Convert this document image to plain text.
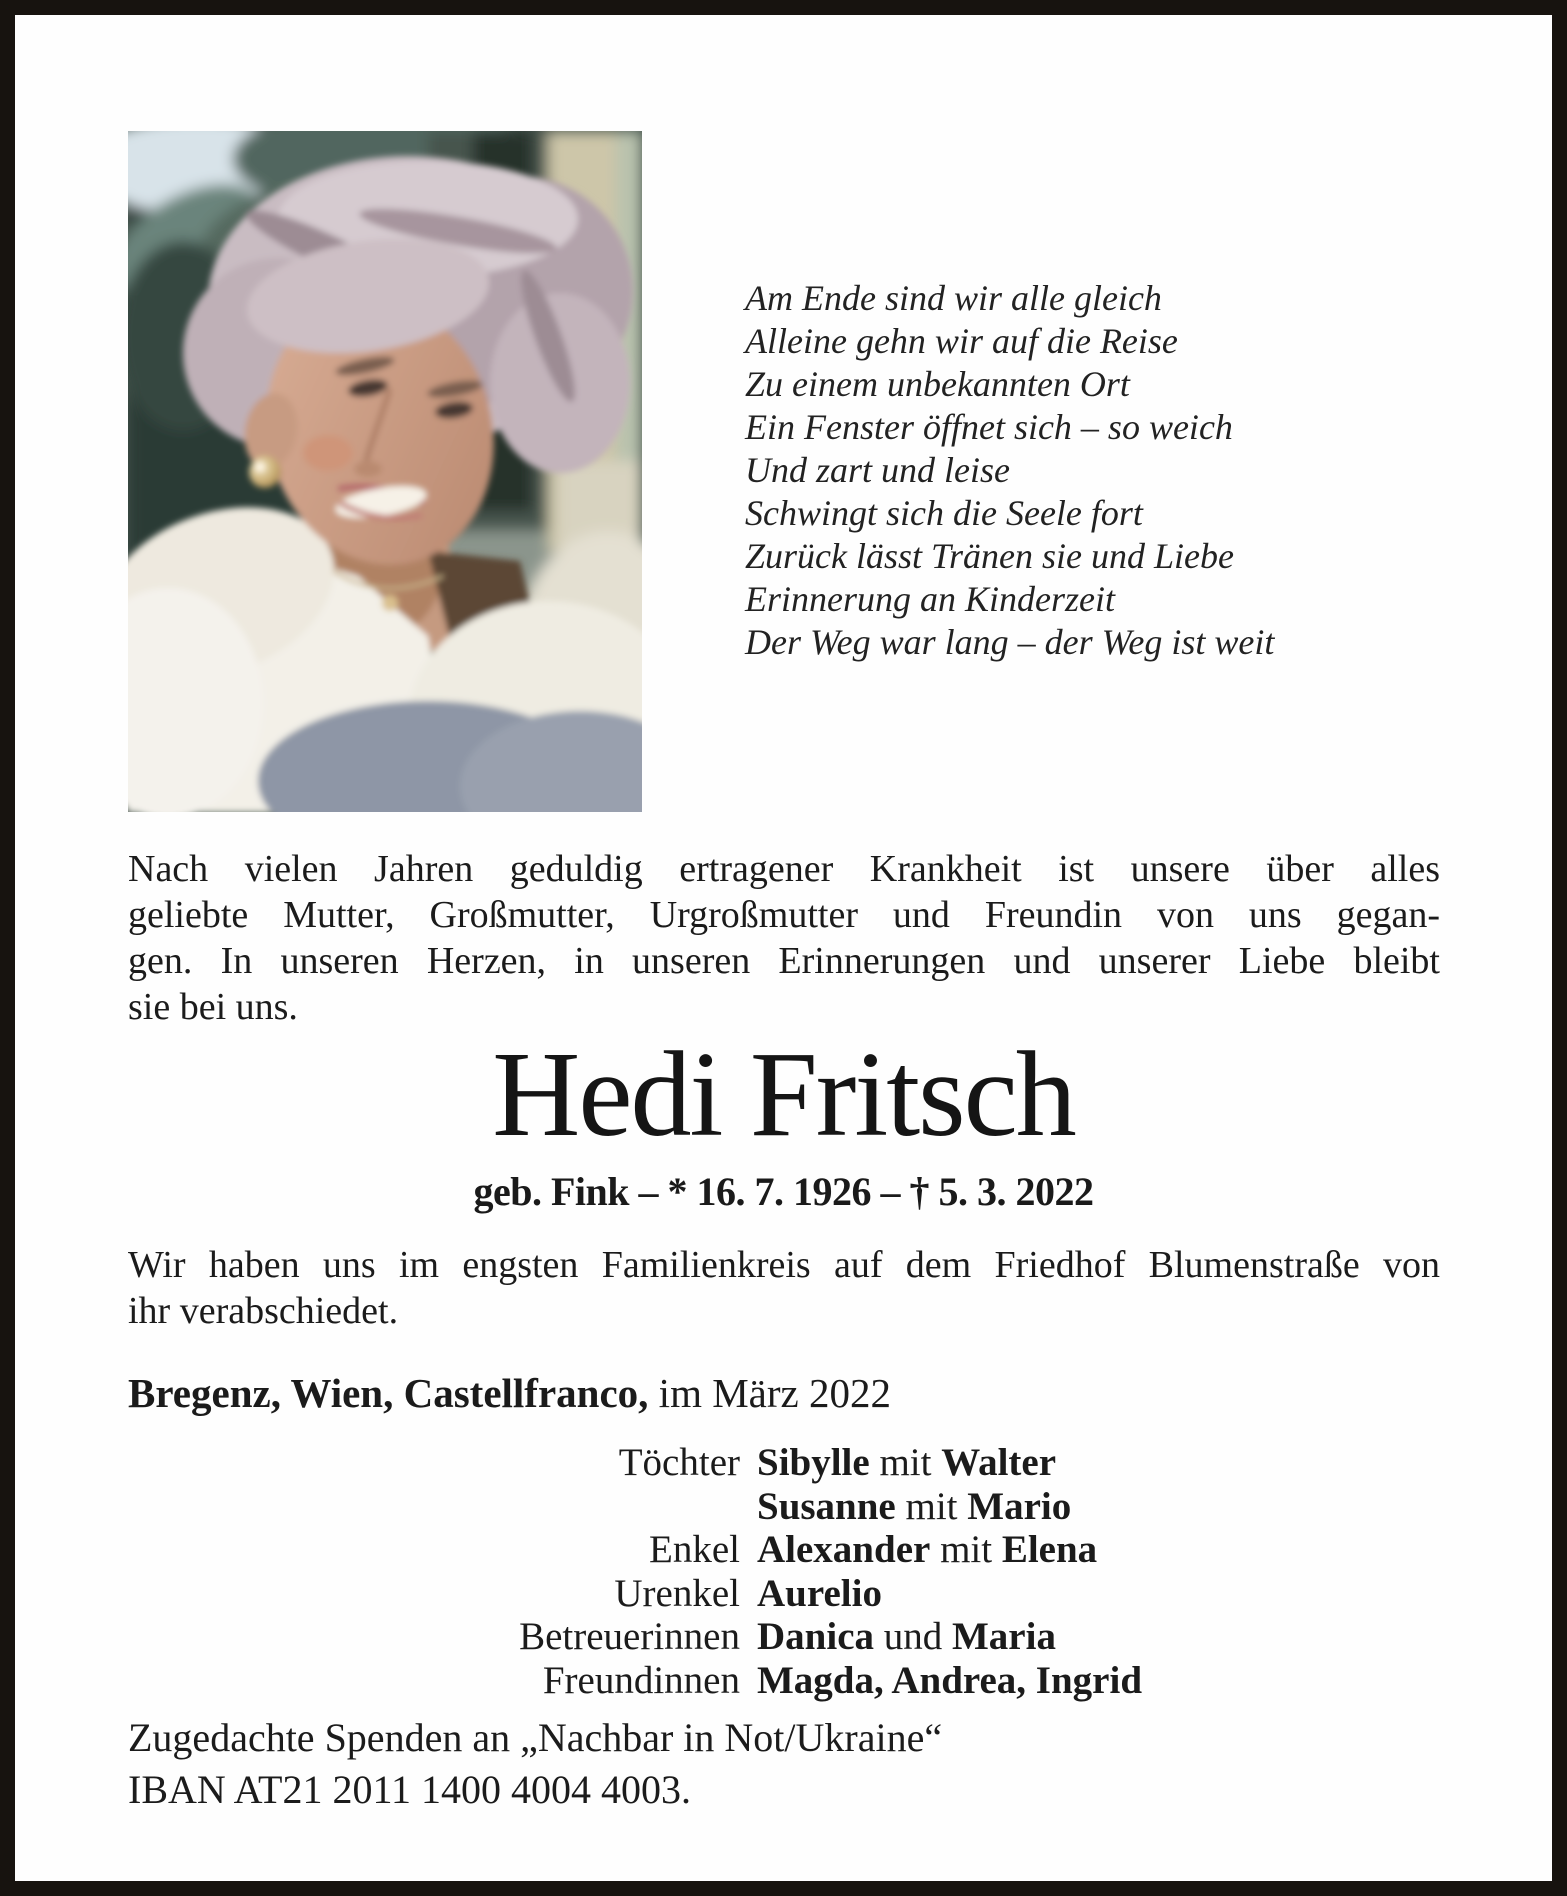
Am Ende sind wir alle gleich
Alleine gehn wir auf die Reise
Zu einem unbekannten Ort
Ein Fenster öffnet sich – so weich
Und zart und leise
Schwingt sich die Seele fort
Zurück lässt Tränen sie und Liebe
Erinnerung an Kinderzeit
Der Weg war lang – der Weg ist weit
Nach vielen Jahren geduldig ertragener Krankheit ist unsere über alles
geliebte Mutter, Großmutter, Urgroßmutter und Freundin von uns gegan-
gen. In unseren Herzen, in unseren Erinnerungen und unserer Liebe bleibt
sie bei uns.
Hedi Fritsch
geb. Fink – * 16. 7. 1926 – † 5. 3. 2022
Wir haben uns im engsten Familienkreis auf dem Friedhof Blumenstraße von
ihr verabschiedet.
Bregenz, Wien, Castellfranco, im März 2022
Töchter Sibylle mit Walter
Susanne mit Mario
Enkel Alexander mit Elena
Urenkel Aurelio
Betreuerinnen Danica und Maria
Freundinnen Magda, Andrea, Ingrid
Zugedachte Spenden an „Nachbar in Not/Ukraine“
IBAN AT21 2011 1400 4004 4003.
